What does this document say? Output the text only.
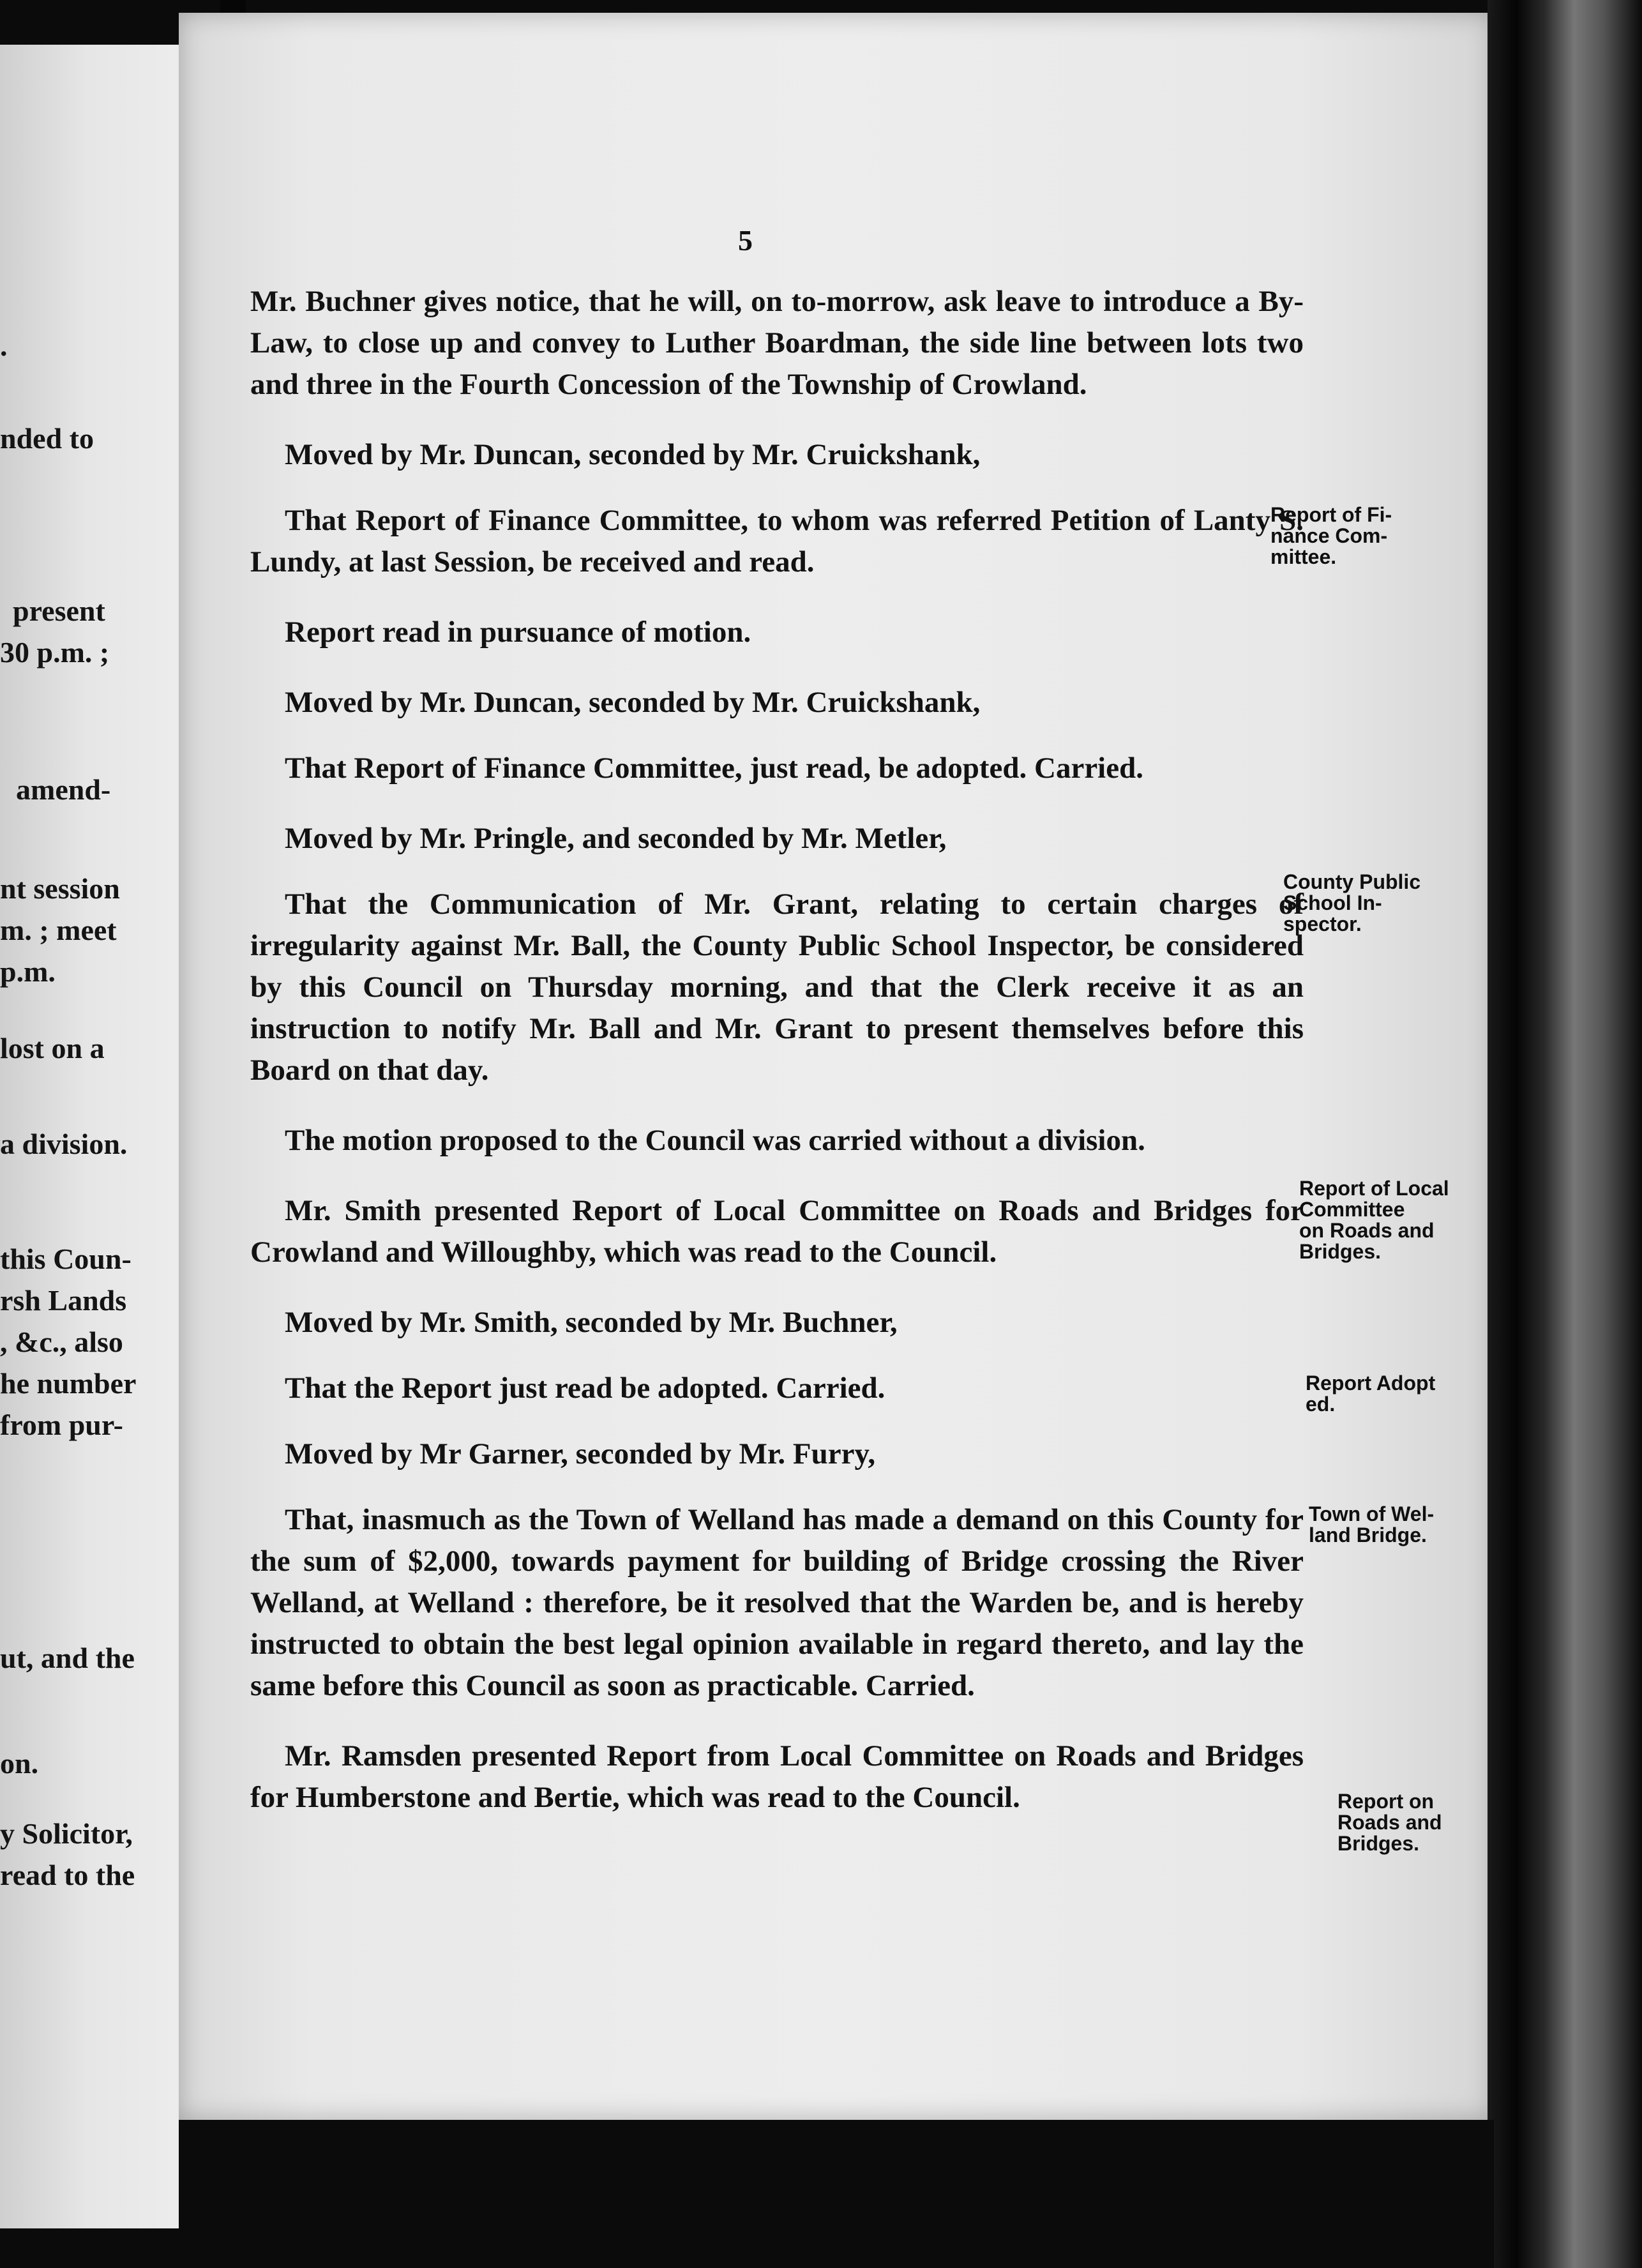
.
nded to
present
30 p.m. ;
amend-
nt session
m. ; meet
p.m.
lost on a
a division.
this Coun-
rsh Lands
, &c., also
he number
from pur-
ut, and the
on.
y Solicitor,
read to the
5

Mr. Buchner gives notice, that he will, on to-morrow, ask leave to introduce a By-Law, to close up and convey to Luther Boardman, the side line between lots two and three in the Fourth Concession of the Township of Crowland.

Moved by Mr. Duncan, seconded by Mr. Cruickshank,

That Report of Finance Committee, to whom was referred Petition of Lanty S. Lundy, at last Session, be received and read.

Report read in pursuance of motion.

Moved by Mr. Duncan, seconded by Mr. Cruickshank,

That Report of Finance Committee, just read, be adopted. Carried.

Moved by Mr. Pringle, and seconded by Mr. Metler,

That the Communication of Mr. Grant, relating to certain charges of irregularity against Mr. Ball, the County Public School Inspector, be considered by this Council on Thursday morning, and that the Clerk receive it as an instruction to notify Mr. Ball and Mr. Grant to present themselves before this Board on that day.

The motion proposed to the Council was carried without a division.

Mr. Smith presented Report of Local Committee on Roads and Bridges for Crowland and Willoughby, which was read to the Council.

Moved by Mr. Smith, seconded by Mr. Buchner,

That the Report just read be adopted. Carried.

Moved by Mr Garner, seconded by Mr. Furry,

That, inasmuch as the Town of Welland has made a demand on this County for the sum of $2,000, towards payment for building of Bridge crossing the River Welland, at Welland : therefore, be it resolved that the Warden be, and is hereby instructed to obtain the best legal opinion available in regard thereto, and lay the same before this Council as soon as practicable. Carried.

Mr. Ramsden presented Report from Local Committee on Roads and Bridges for Humberstone and Bertie, which was read to the Council.

Report of Fi-
nance Com-
mittee.
County Public
School In-
spector.
Report of Local
Committee
on Roads and
Bridges.
Report Adopt
ed.
Town of Wel-
land Bridge.
Report on
Roads and
Bridges.
